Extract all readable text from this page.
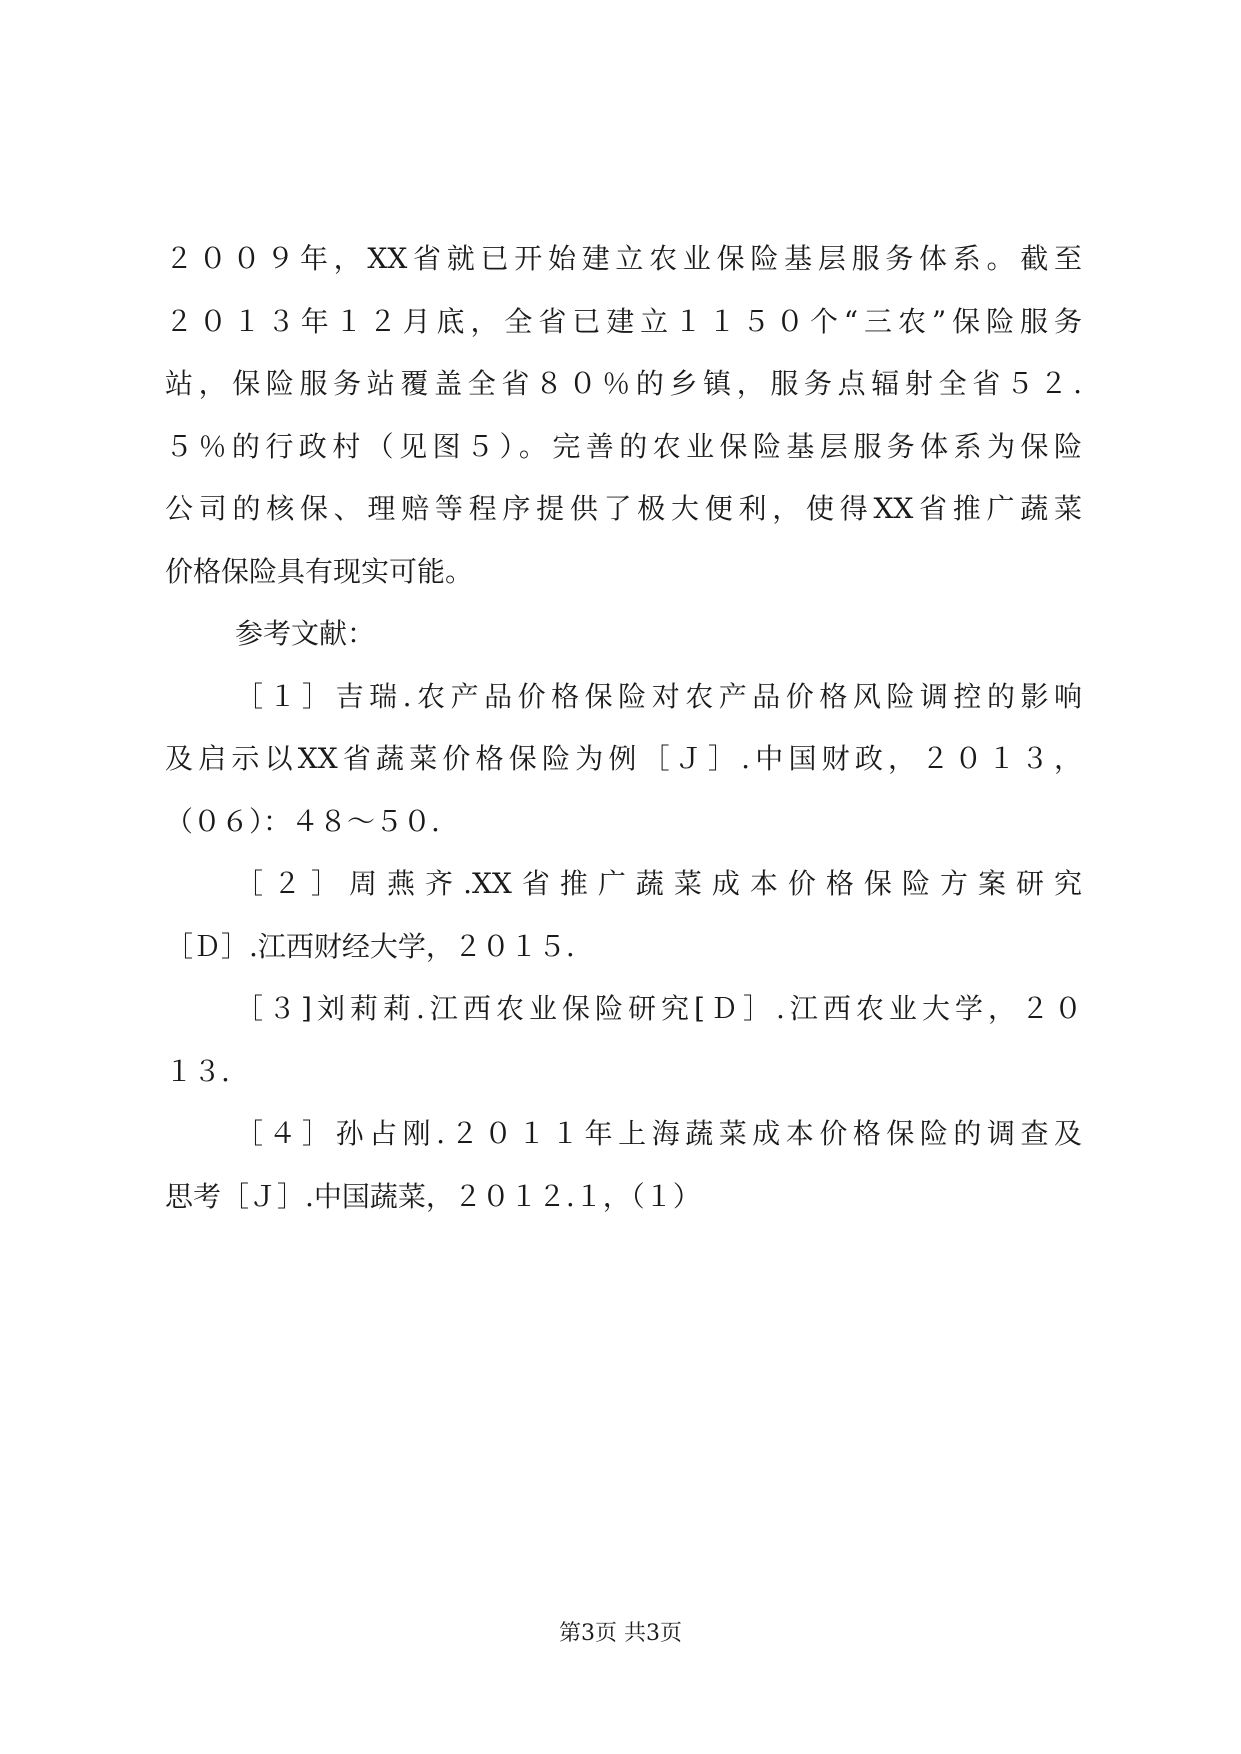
２００９年，XX省就已开始建立农业保险基层服务体系。截至
２０１３年１２月底，全省已建立１１５０个“三农”保险服务
站，保险服务站覆盖全省８０％的乡镇，服务点辐射全省５２.
５％的行政村（见图５）。完善的农业保险基层服务体系为保险
公司的核保、理赔等程序提供了极大便利，使得XX省推广蔬菜
价格保险具有现实可能。
参考文献：
［１］吉瑞.农产品价格保险对农产品价格风险调控的影响
及启示以XX省蔬菜价格保险为例［Ｊ］.中国财政，２０１３，
（０６）：４８～５０.
［２］周燕齐.XX省推广蔬菜成本价格保险方案研究
［Ｄ］.江西财经大学，２０１５.
［３]刘莉莉.江西农业保险研究[Ｄ］.江西农业大学，２０
１３.
［４］孙占刚.２０１１年上海蔬菜成本价格保险的调查及
思考［Ｊ］.中国蔬菜，２０１２.１，（１）
第3页 共3页
